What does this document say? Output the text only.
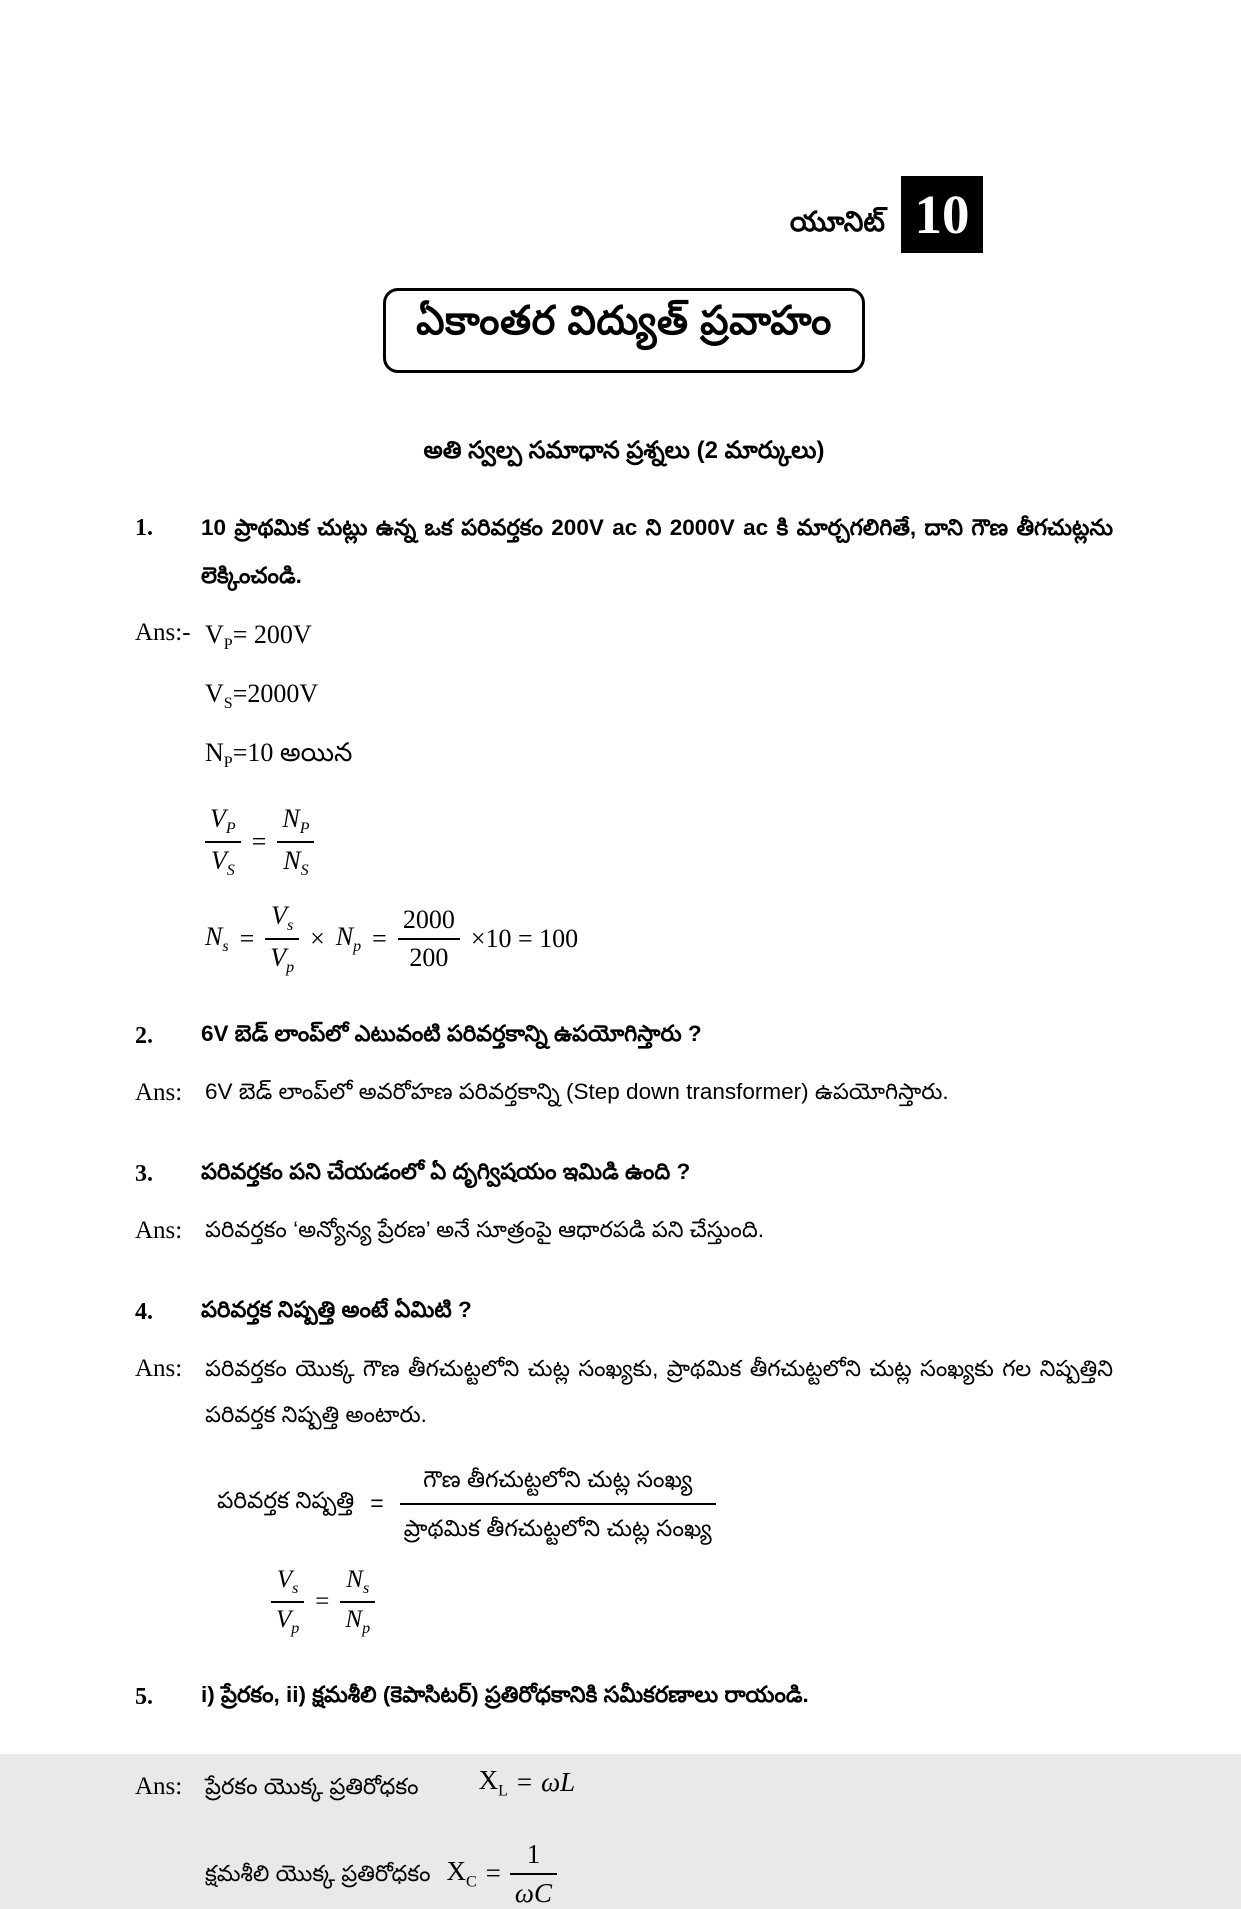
యూనిట్ 10
ఏకాంతర విద్యుత్ ప్రవాహం
అతి స్వల్ప సమాధాన ప్రశ్నలు (2 మార్కులు)
1.	10 ప్రాథమిక చుట్లు ఉన్న ఒక పరివర్తకం 200V ac ని 2000V ac కి మార్చగలిగితే, దాని గౌణ తీగచుట్లను లెక్కించండి.
Ans:- $V_P= 200V$
$V_S=2000V$
$N_P=10$ అయిన
$\frac{V_P}{V_S} = \frac{N_P}{N_S}$
$N_s = \frac{V_s}{V_p} \times N_p = \frac{2000}{200} \times 10 = 100$
2.	6V బెడ్ లాంప్‌లో ఎటువంటి పరివర్తకాన్ని ఉపయోగిస్తారు ?
Ans:	6V బెడ్ లాంప్‌లో అవరోహణ పరివర్తకాన్ని (Step down transformer) ఉపయోగిస్తారు.
3.	పరివర్తకం పని చేయడంలో ఏ దృగ్విషయం ఇమిడి ఉంది ?
Ans:	పరివర్తకం ‘అన్యోన్య ప్రేరణ’ అనే సూత్రంపై ఆధారపడి పని చేస్తుంది.
4.	పరివర్తక నిష్పత్తి అంటే ఏమిటి ?
Ans:	పరివర్తకం యొక్క గౌణ తీగచుట్టలోని చుట్ల సంఖ్యకు, ప్రాథమిక తీగచుట్టలోని చుట్ల సంఖ్యకు గల నిష్పత్తిని పరివర్తక నిష్పత్తి అంటారు.
పరివర్తక నిష్పత్తి =
గౌణ తీగచుట్టలోని చుట్ల సంఖ్య
ప్రాథమిక తీగచుట్టలోని చుట్ల సంఖ్య
$\frac{V_s}{V_p} = \frac{N_s}{N_p}$
5.	i) ప్రేరకం, ii) క్షమశీలి (కెపాసిటర్) ప్రతిరోధకానికి సమీకరణాలు రాయండి.
Ans:	ప్రేరకం యొక్క ప్రతిరోధకం $X_L = \omega L$
క్షమశీలి యొక్క ప్రతిరోధకం $X_C = \frac{1}{\omega C}$
